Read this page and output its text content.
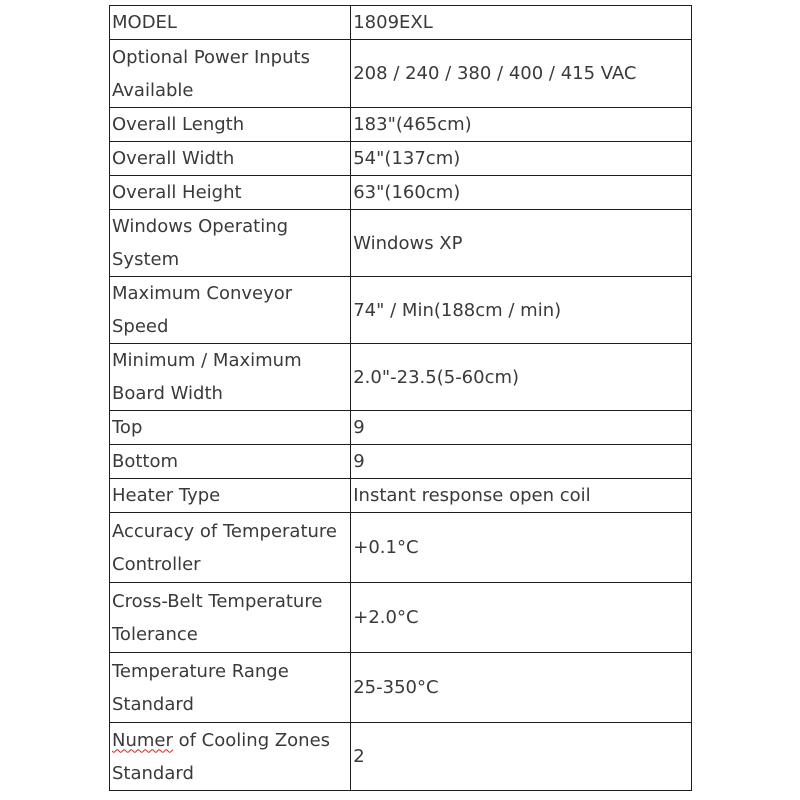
MODEL	1809EXL
Optional Power Inputs Available	208 / 240 / 380 / 400 / 415 VAC
Overall Length	183"(465cm)
Overall Width	54"(137cm)
Overall Height	63"(160cm)
Windows Operating System	Windows XP
Maximum Conveyor Speed	74" / Min(188cm / min)
Minimum / Maximum Board Width	2.0"-23.5(5-60cm)
Top	9
Bottom	9
Heater Type	Instant response open coil
Accuracy of Temperature Controller	+0.1°C
Cross-Belt Temperature Tolerance	+2.0°C
Temperature Range Standard	25-350°C
Numer of Cooling Zones Standard	2
